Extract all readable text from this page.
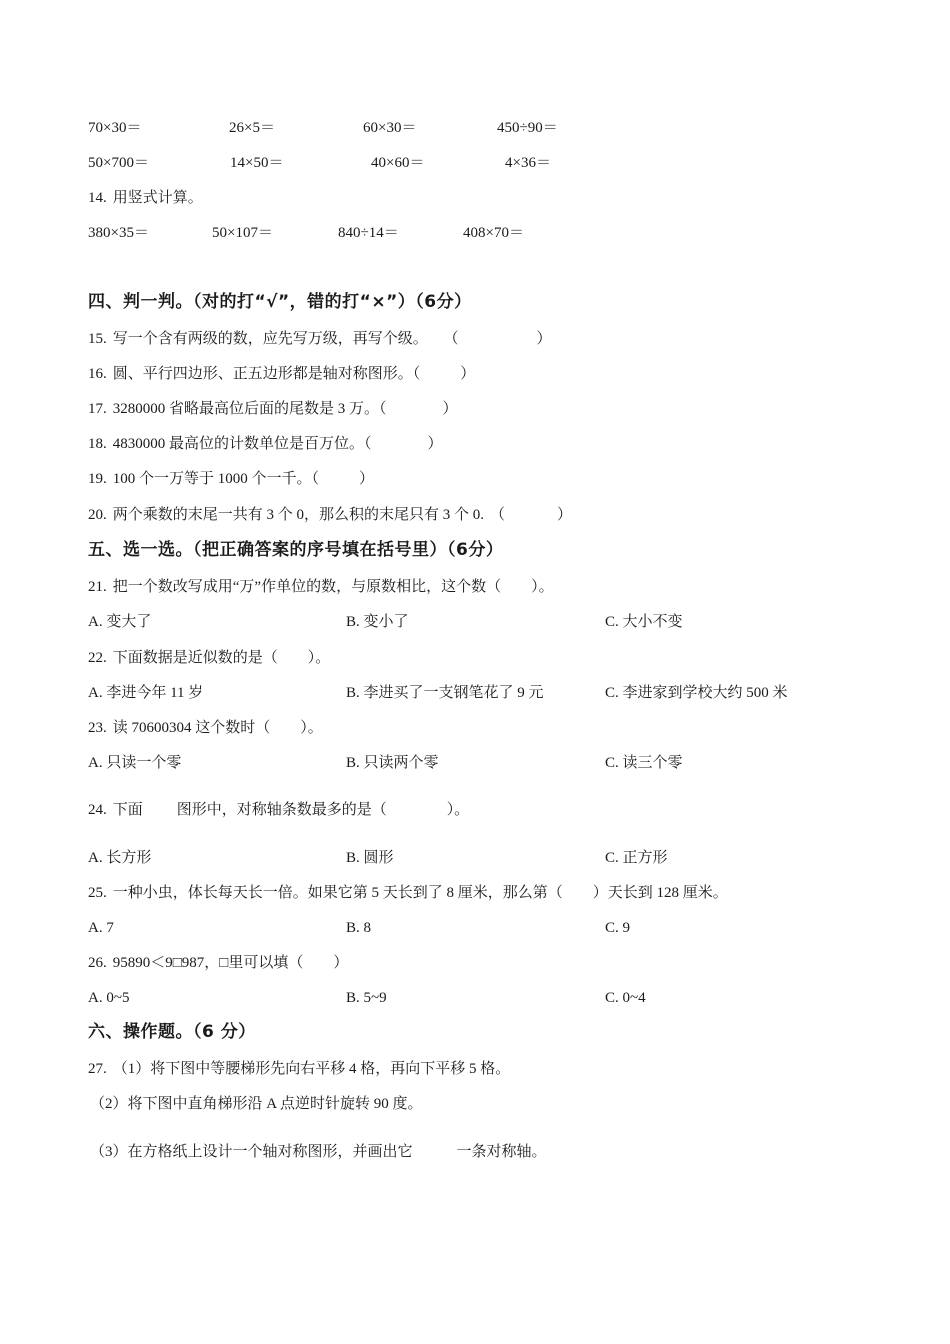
70×30＝	26×5＝	60×30＝	450÷90＝
50×700＝	14×50＝	40×60＝	4×36＝
14. 用竖式计算。
380×35＝	50×107＝	840÷14＝	408×70＝
四、判一判。（对的打“√”，错的打“×”）（6分）
15. 写一个含有两级的数，应先写万级，再写个级。 （	）
16. 圆、平行四边形、正五边形都是轴对称图形。（	）
17. 3280000 省略最高位后面的尾数是 3 万。（	）
18. 4830000 最高位的计数单位是百万位。（	）
19. 100 个一万等于 1000 个一千。（	）
20. 两个乘数的末尾一共有 3 个 0，那么积的末尾只有 3 个 0. （	）
五、选一选。（把正确答案的序号填在括号里）（6分）
21. 把一个数改写成用“万”作单位的数，与原数相比，这个数（　　）。
A. 变大了	B. 变小了	C. 大小不变
22. 下面数据是近似数的是（　　）。
A. 李进今年 11 岁	B. 李进买了一支钢笔花了 9 元	C. 李进家到学校大约 500 米
23. 读 70600304 这个数时（　　）。
A. 只读一个零	B. 只读两个零	C. 读三个零
24. 下面 图形中，对称轴条数最多的是（　　　　）。
A. 长方形	B. 圆形	C. 正方形
25. 一种小虫，体长每天长一倍。如果它第 5 天长到了 8 厘米，那么第（　　）天长到 128 厘米。
A. 7	B. 8	C. 9
26. 95890＜9□987，□里可以填（　　）
A. 0~5	B. 5~9	C. 0~4
六、操作题。（6 分）
27. （1）将下图中等腰梯形先向右平移 4 格，再向下平移 5 格。
（2）将下图中直角梯形沿 A 点逆时针旋转 90 度。
（3）在方格纸上设计一个轴对称图形，并画出它	一条对称轴。
